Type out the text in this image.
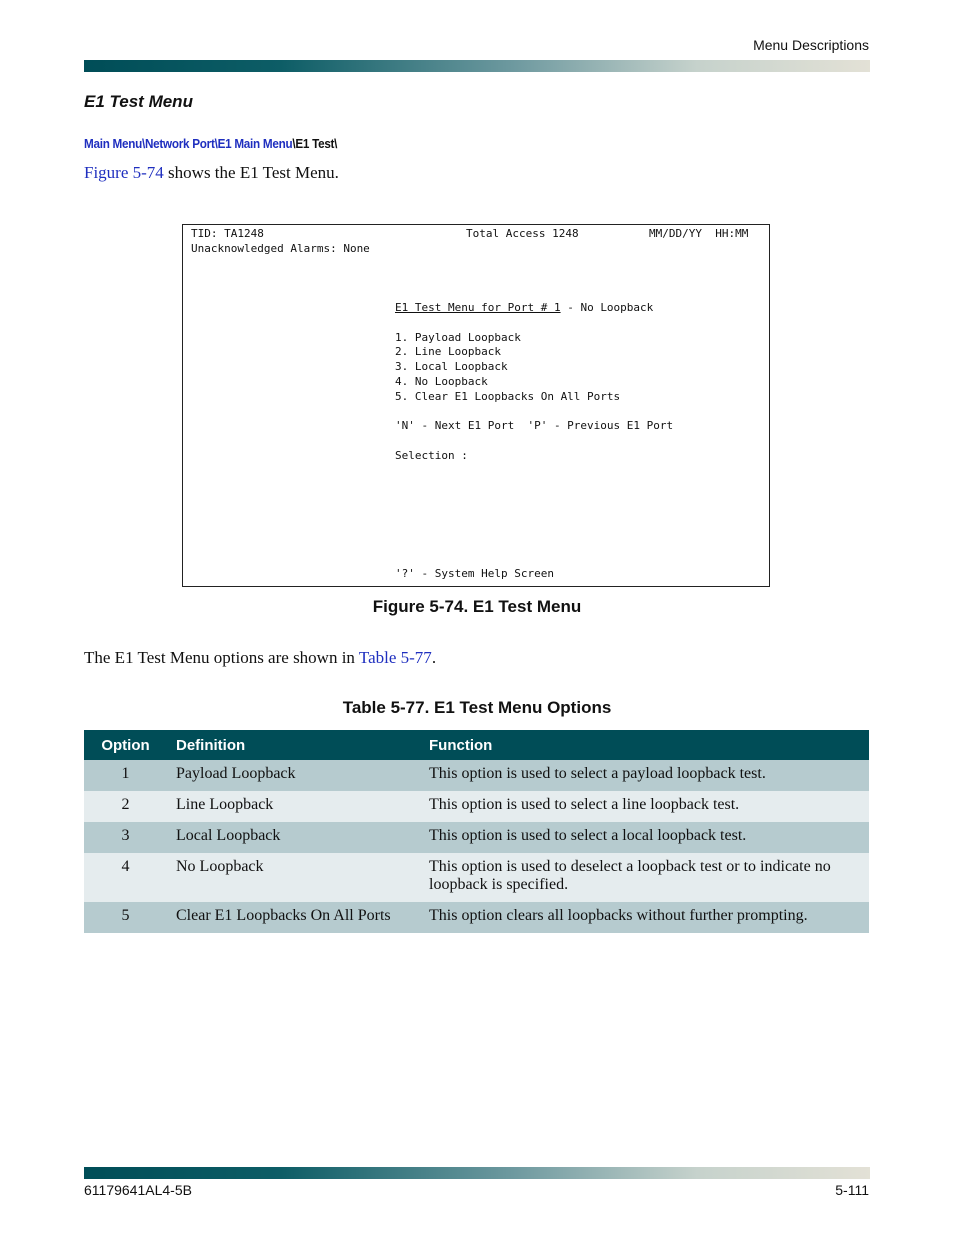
Menu Descriptions
E1 Test Menu
Main Menu\Network Port\E1 Main Menu\E1 Test\
Figure 5-74 shows the E1 Test Menu.
TID: TA1248	Total Access 1248	MM/DD/YY  HH:MM
Unacknowledged Alarms: None
E1 Test Menu for Port # 1 - No Loopback
1. Payload Loopback
2. Line Loopback
3. Local Loopback
4. No Loopback
5. Clear E1 Loopbacks On All Ports
'N' - Next E1 Port  'P' - Previous E1 Port
Selection :
'?' - System Help Screen
Figure 5-74. E1 Test Menu
The E1 Test Menu options are shown in Table 5-77.
Table 5-77. E1 Test Menu Options
Option	Definition	Function
1	Payload Loopback	This option is used to select a payload loopback test.
2	Line Loopback	This option is used to select a line loopback test.
3	Local Loopback	This option is used to select a local loopback test.
4	No Loopback	This option is used to deselect a loopback test or to indicate no loopback is specified.
5	Clear E1 Loopbacks On All Ports	This option clears all loopbacks without further prompting.
61179641AL4-5B	5-111
